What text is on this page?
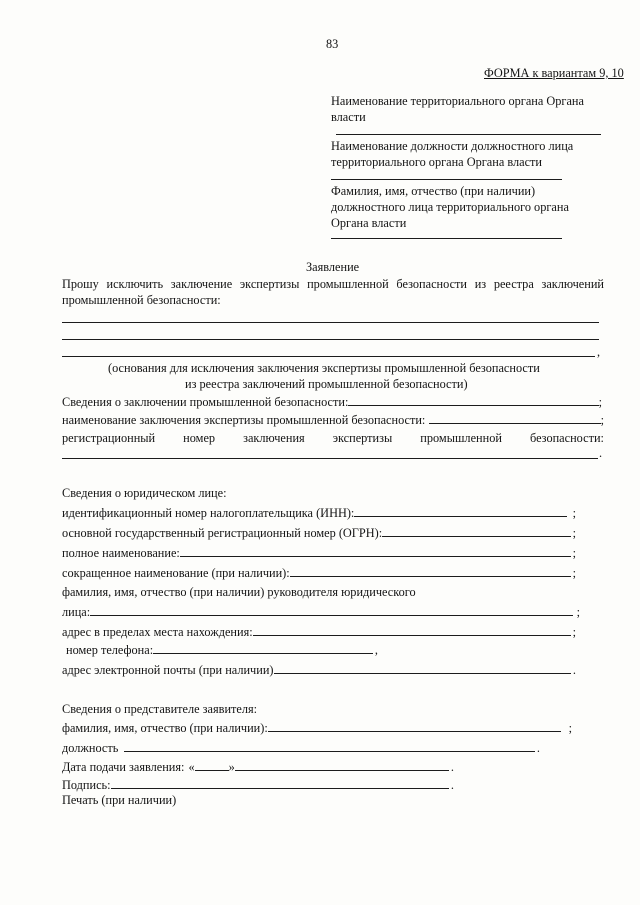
83
ФОРМА к вариантам 9, 10
Наименование территориального органа Органа
власти
Наименование должности должностного лица
территориального органа Органа власти
Фамилия, имя, отчество (при наличии)
должностного лица территориального органа
Органа власти
Заявление
Прошу исключить заключение экспертизы промышленной безопасности из реестра заключений
промышленной безопасности:
,
(основания для исключения заключения экспертизы промышленной безопасности
из реестра заключений промышленной безопасности)
Сведения о заключении промышленной безопасности:	;
наименование заключения экспертизы промышленной безопасности:	;
регистрационный номер заключения экспертизы промышленной безопасности:
.
Сведения о юридическом лице:
идентификационный номер налогоплательщика (ИНН):	;
основной государственный регистрационный номер (ОГРН):	;
полное наименование:	;
сокращенное наименование (при наличии):	;
фамилия, имя, отчество (при наличии) руководителя юридического
лица:	;
адрес в пределах места нахождения:	;
номер телефона:	,
адрес электронной почты (при наличии)	.
Сведения о представителе заявителя:
фамилия, имя, отчество (при наличии):	;
должность	.
Дата подачи заявления: «	»	.
Подпись:	.
Печать (при наличии)
